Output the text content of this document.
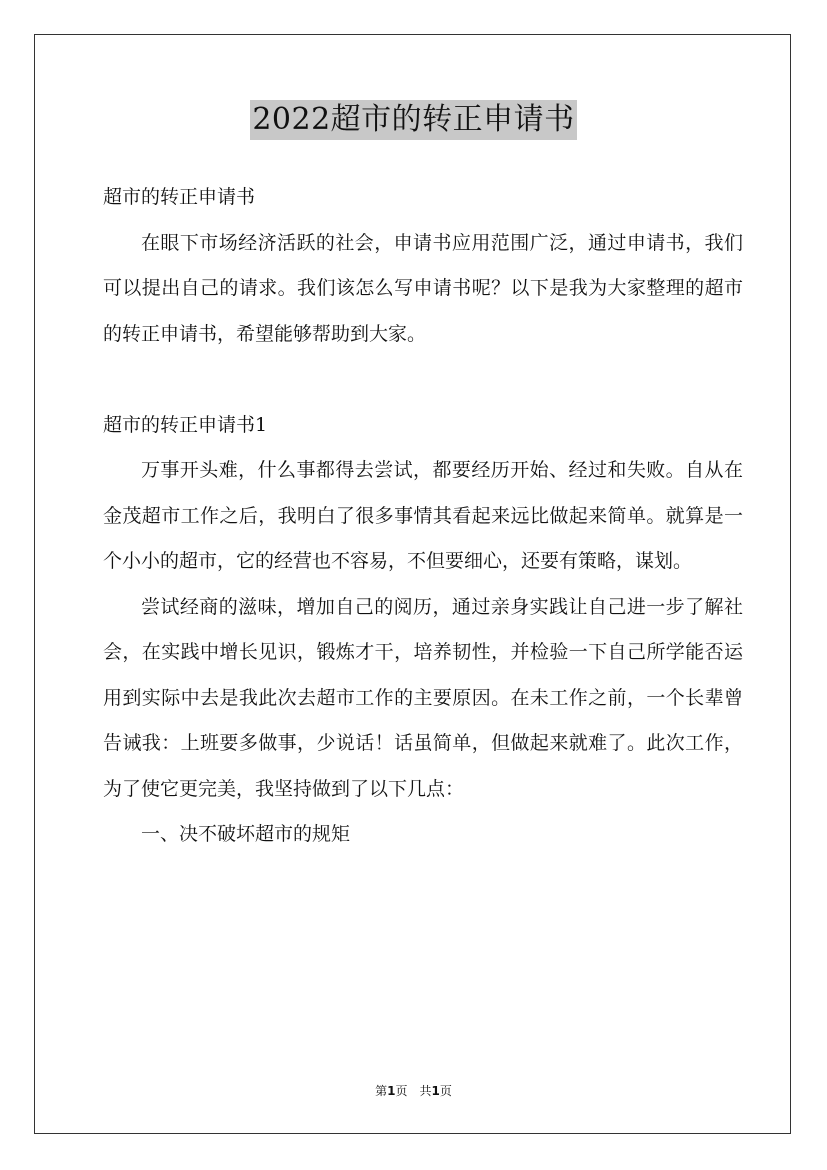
2022超市的转正申请书

超市的转正申请书

在眼下市场经济活跃的社会，申请书应用范围广泛，通过申请书，我们可以提出自己的请求。我们该怎么写申请书呢？以下是我为大家整理的超市的转正申请书，希望能够帮助到大家。

超市的转正申请书1

万事开头难，什么事都得去尝试，都要经历开始、经过和失败。自从在金茂超市工作之后，我明白了很多事情其看起来远比做起来简单。就算是一个小小的超市，它的经营也不容易，不但要细心，还要有策略，谋划。

尝试经商的滋味，增加自己的阅历，通过亲身实践让自己进一步了解社会，在实践中增长见识，锻炼才干，培养韧性，并检验一下自己所学能否运用到实际中去是我此次去超市工作的主要原因。在未工作之前，一个长辈曾告诫我：上班要多做事，少说话！话虽简单，但做起来就难了。此次工作，为了使它更完美，我坚持做到了以下几点：

一、决不破坏超市的规矩

第1页　共1页
